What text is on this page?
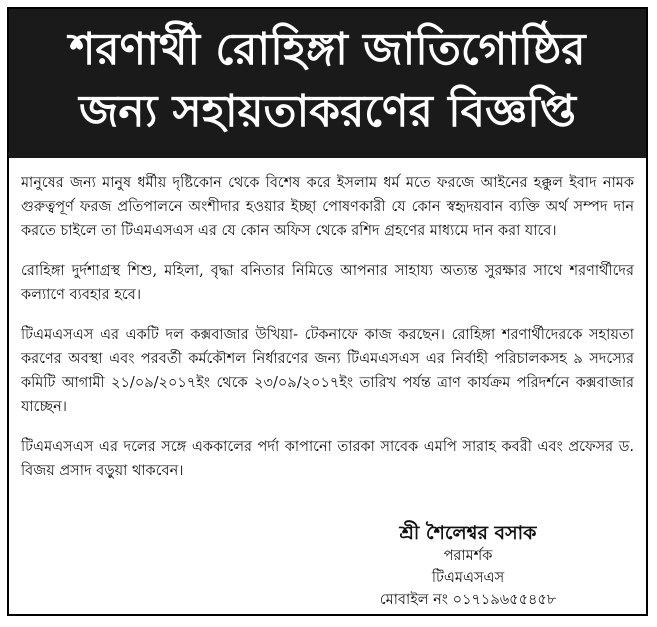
শরণার্থী রোহিঙ্গা জাতিগোষ্ঠির
জন্য সহায়তাকরণের বিজ্ঞপ্তি

মানুষের জন্য মানুষ ধর্মীয় দৃষ্টিকোন থেকে বিশেষ করে ইসলাম ধর্ম মতে ফরজে আইনের হক্কুল ইবাদ নামক গুরুত্বপূর্ণ ফরজ প্রতিপালনে অংশীদার হওয়ার ইচ্ছা পোষণকারী যে কোন স্বহৃদয়বান ব্যক্তি অর্থ সম্পদ দান করতে চাইলে তা টিএমএসএস এর যে কোন অফিস থেকে রশিদ গ্রহণের মাধ্যমে দান করা যাবে।

রোহিঙ্গা দুর্দশাগ্রস্থ শিশু, মহিলা, বৃদ্ধা বনিতার নিমিত্তে আপনার সাহায্য অত্যন্ত সুরক্ষার সাথে শরণার্থীদের কল্যাণে ব্যবহার হবে।

টিএমএসএস এর একটি দল কক্সবাজার উখিয়া- টেকনাফে কাজ করছেন। রোহিঙ্গা শরণার্থীদেরকে সহায়তা করণের অবস্থা এবং পরবর্তী কর্মকৌশল নির্ধারণের জন্য টিএমএসএস এর নির্বাহী পরিচালকসহ ৯ সদস্যের কমিটি আগামী ২১/০৯/২০১৭ইং থেকে ২৩/০৯/২০১৭ইং তারিখ পর্যন্ত ত্রাণ কার্যক্রম পরিদর্শনে কক্সবাজার যাচ্ছেন।

টিএমএসএস এর দলের সঙ্গে এককালের পর্দা কাপানো তারকা সাবেক এমপি সারাহ কবরী এবং প্রফেসর ড. বিজয় প্রসাদ বড়ুয়া থাকবেন।

শ্রী শৈলেশ্বর বসাক
পরামর্শক
টিএমএসএস
মোবাইল নং ০১৭১৯৬৫৫৪৫৮
